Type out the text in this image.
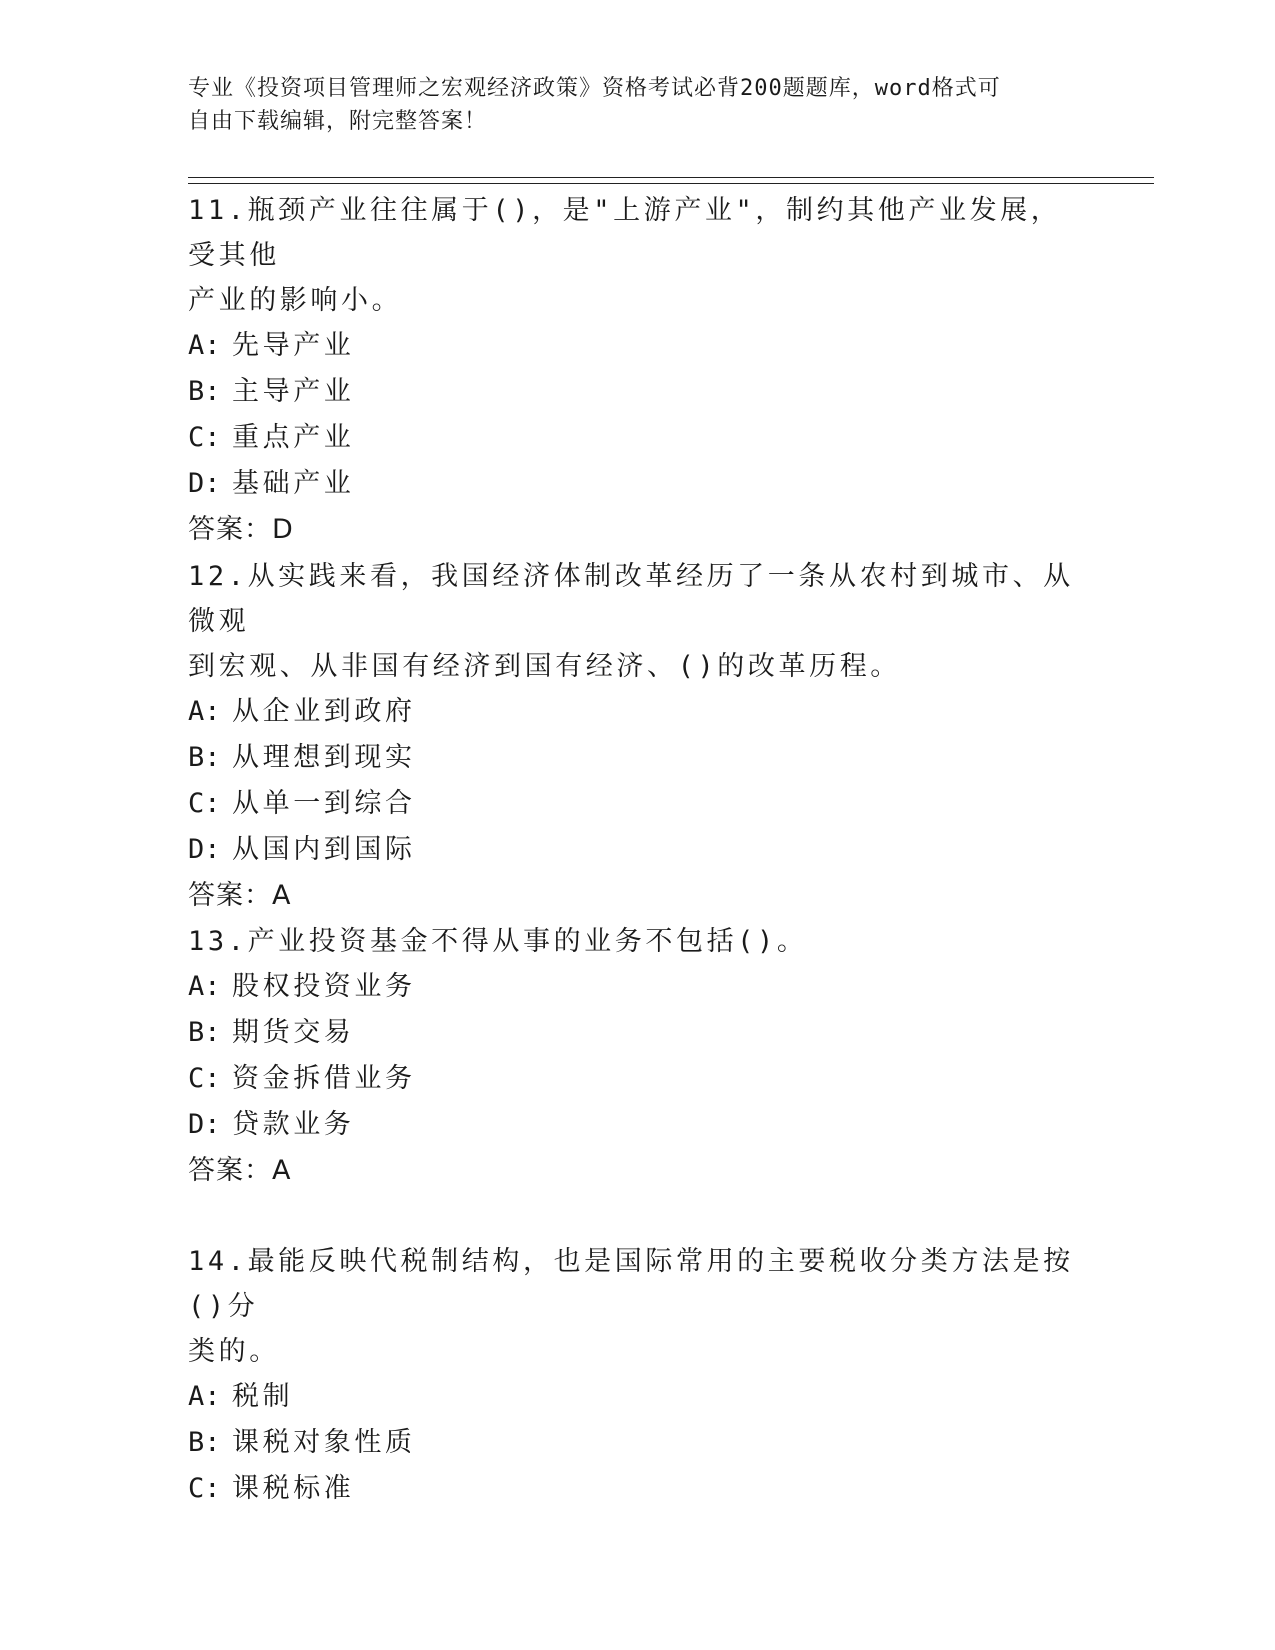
专业《投资项目管理师之宏观经济政策》资格考试必背200题题库，word格式可
自由下载编辑，附完整答案！

11.瓶颈产业往往属于()，是"上游产业"，制约其他产业发展，受其他

产业的影响小。

A: 先导产业

B: 主导产业

C: 重点产业

D: 基础产业

答案：D

12.从实践来看，我国经济体制改革经历了一条从农村到城市、从微观

到宏观、从非国有经济到国有经济、()的改革历程。

A: 从企业到政府

B: 从理想到现实

C: 从单一到综合

D: 从国内到国际

答案：A

13.产业投资基金不得从事的业务不包括()。

A: 股权投资业务

B: 期货交易

C: 资金拆借业务

D: 贷款业务

答案：A

14.最能反映代税制结构，也是国际常用的主要税收分类方法是按()分

类的。

A: 税制

B: 课税对象性质

C: 课税标准
